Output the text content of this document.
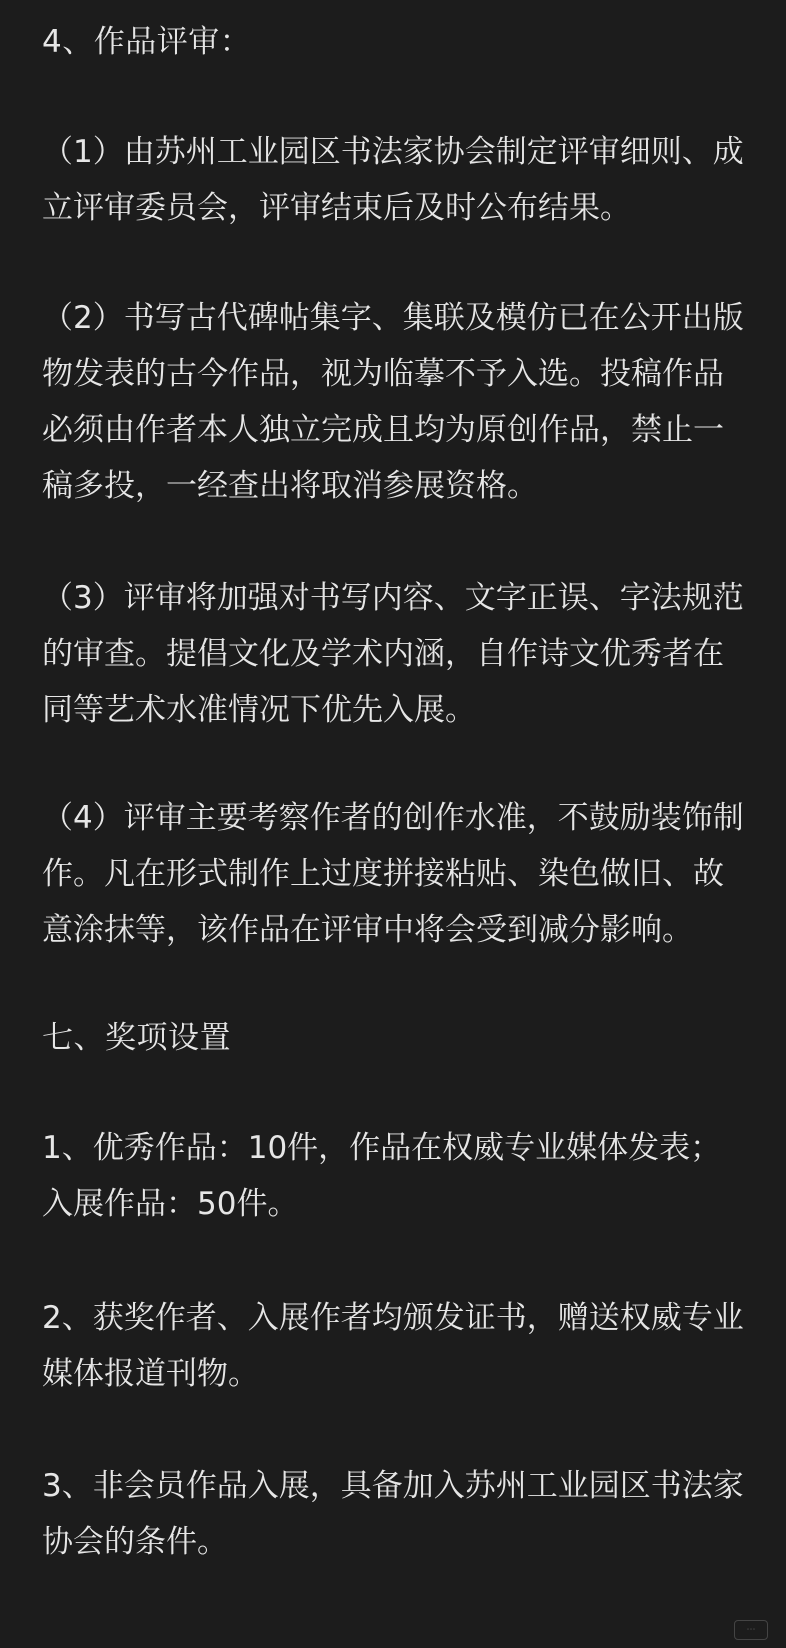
4、作品评审：

（1）由苏州工业园区书法家协会制定评审细则、成立评审委员会，评审结束后及时公布结果。

（2）书写古代碑帖集字、集联及模仿已在公开出版物发表的古今作品，视为临摹不予入选。投稿作品必须由作者本人独立完成且均为原创作品，禁止一稿多投，一经查出将取消参展资格。

（3）评审将加强对书写内容、文字正误、字法规范的审查。提倡文化及学术内涵，自作诗文优秀者在同等艺术水准情况下优先入展。

（4）评审主要考察作者的创作水准，不鼓励装饰制作。凡在形式制作上过度拼接粘贴、染色做旧、故意涂抹等，该作品在评审中将会受到减分影响。

七、奖项设置

1、优秀作品：10件，作品在权威专业媒体发表；入展作品：50件。

2、获奖作者、入展作者均颁发证书，赠送权威专业媒体报道刊物。

3、非会员作品入展，具备加入苏州工业园区书法家协会的条件。

⋯
